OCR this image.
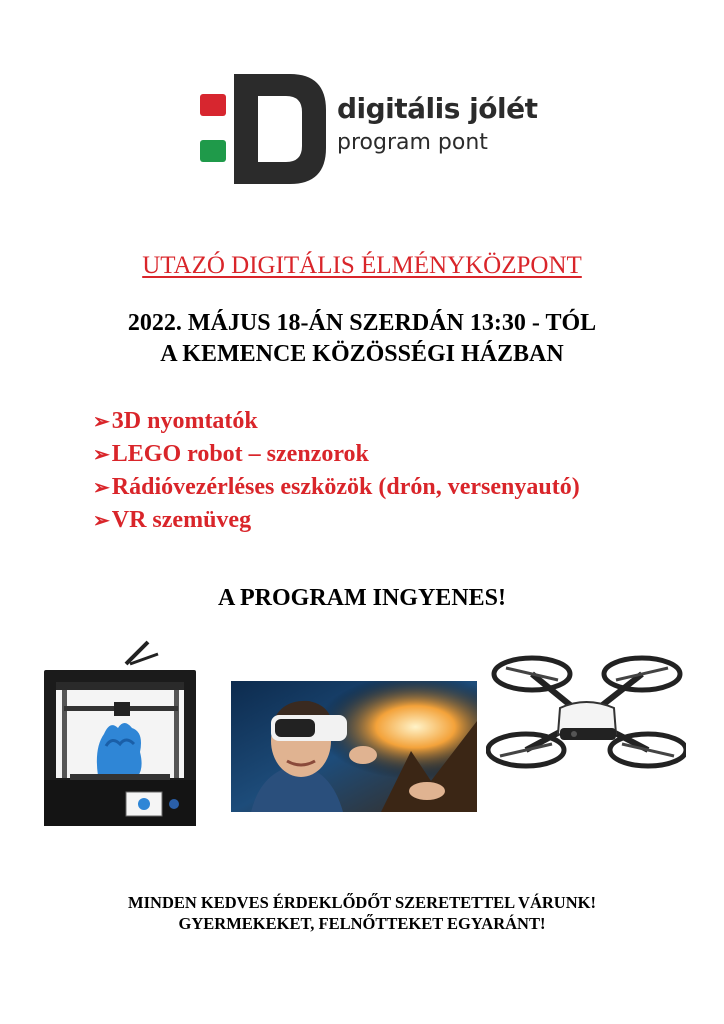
digitális jólét
program pont
UTAZÓ DIGITÁLIS ÉLMÉNYKÖZPONT
2022. MÁJUS 18-ÁN SZERDÁN 13:30 - TÓL
A KEMENCE KÖZÖSSÉGI HÁZBAN
➢3D nyomtatók
➢LEGO robot – szenzorok
➢Rádióvezérléses eszközök (drón, versenyautó)
➢VR szemüveg
A PROGRAM INGYENES!
MINDEN KEDVES ÉRDEKLŐDŐT SZERETETTEL VÁRUNK!
GYERMEKEKET, FELNŐTTEKET EGYARÁNT!
